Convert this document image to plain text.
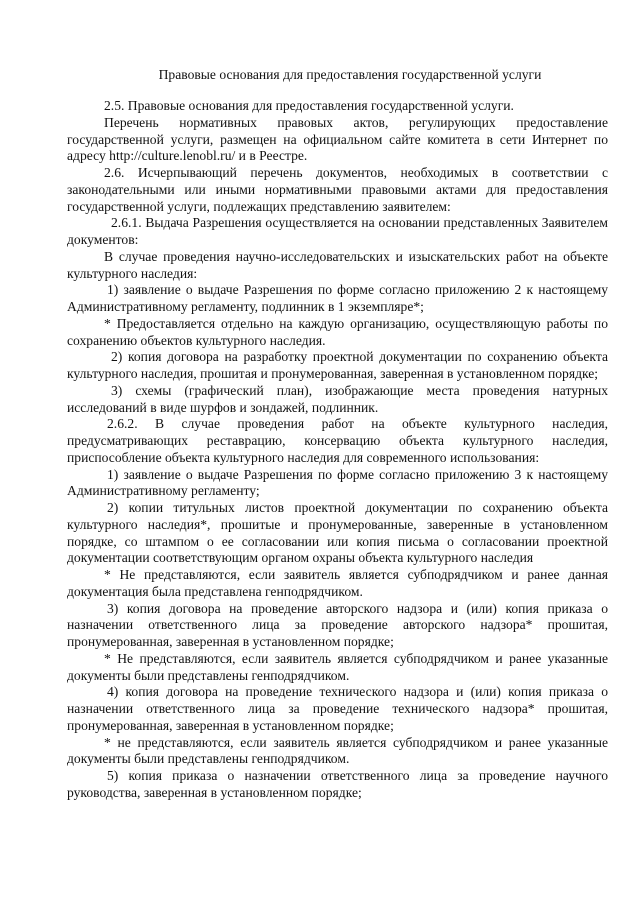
Правовые основания для предоставления государственной услуги

2.5. Правовые основания для предоставления государственной услуги.

Перечень нормативных правовых актов, регулирующих предоставление государственной услуги, размещен на официальном сайте комитета в сети Интернет по адресу http://culture.lenobl.ru/ и в Реестре.

2.6. Исчерпывающий перечень документов, необходимых в соответствии с законодательными или иными нормативными правовыми актами для предоставления государственной услуги, подлежащих представлению заявителем:

2.6.1. Выдача Разрешения осуществляется на основании представленных Заявителем документов:

В случае проведения научно-исследовательских и изыскательских работ на объекте культурного наследия:

1) заявление о выдаче Разрешения по форме согласно приложению 2 к настоящему Административному регламенту, подлинник в 1 экземпляре*;

* Предоставляется отдельно на каждую организацию, осуществляющую работы по сохранению объектов культурного наследия.

2) копия договора на разработку проектной документации по сохранению объекта культурного наследия, прошитая и пронумерованная, заверенная в установленном порядке;

3) схемы (графический план), изображающие места проведения натурных исследований в виде шурфов и зондажей, подлинник.

2.6.2. В случае проведения работ на объекте культурного наследия, предусматривающих реставрацию, консервацию объекта культурного наследия, приспособление объекта культурного наследия для современного использования:

1) заявление о выдаче Разрешения по форме согласно приложению 3 к настоящему Административному регламенту;

2) копии титульных листов проектной документации по сохранению объекта культурного наследия*, прошитые и пронумерованные, заверенные в установленном порядке, со штампом о ее согласовании или копия письма о согласовании проектной документации соответствующим органом охраны объекта культурного наследия

* Не представляются, если заявитель является субподрядчиком и ранее данная документация была представлена генподрядчиком.

3) копия договора на проведение авторского надзора и (или) копия приказа о назначении ответственного лица за проведение авторского надзора* прошитая, пронумерованная, заверенная в установленном порядке;

* Не представляются, если заявитель является субподрядчиком и ранее указанные документы были представлены генподрядчиком.

4) копия договора на проведение технического надзора и (или) копия приказа о назначении ответственного лица за проведение технического надзора* прошитая, пронумерованная, заверенная в установленном порядке;

* не представляются, если заявитель является субподрядчиком и ранее указанные документы были представлены генподрядчиком.

5) копия приказа о назначении ответственного лица за проведение научного руководства, заверенная в установленном порядке;
